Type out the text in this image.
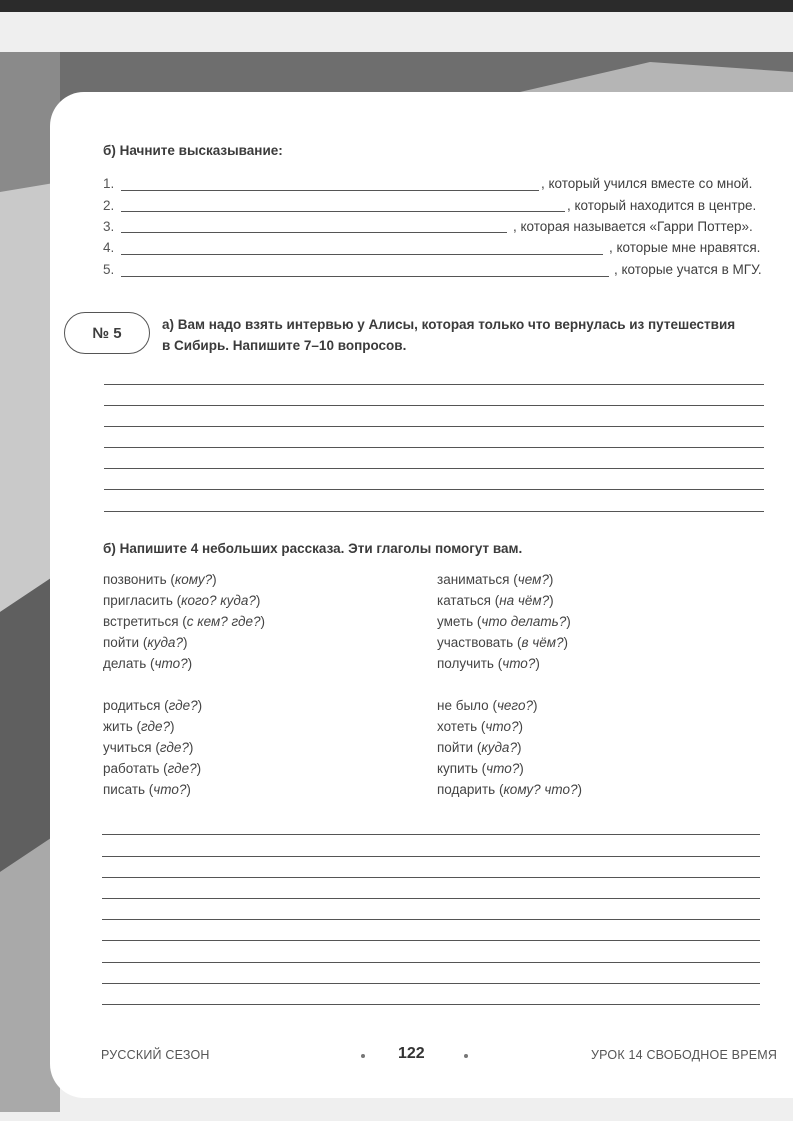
б) Начните высказывание:
1.	, который учился вместе со мной.
2.	, который находится в центре.
3.	, которая называется «Гарри Поттер».
4.	, которые мне нравятся.
5.	, которые учатся в МГУ.
№ 5	а) Вам надо взять интервью у Алисы, которая только что вернулась из путешествия
в Сибирь. Напишите 7–10 вопросов.
б) Напишите 4 небольших рассказа. Эти глаголы помогут вам.
позвонить (кому?)
пригласить (кого? куда?)
встретиться (с кем? где?)
пойти (куда?)
делать (что?)
заниматься (чем?)
кататься (на чём?)
уметь (что делать?)
участвовать (в чём?)
получить (что?)
родиться (где?)
жить (где?)
учиться (где?)
работать (где?)
писать (что?)
не было (чего?)
хотеть (что?)
пойти (куда?)
купить (что?)
подарить (кому? что?)
РУССКИЙ СЕЗОН	122	УРОК 14 СВОБОДНОЕ ВРЕМЯ
